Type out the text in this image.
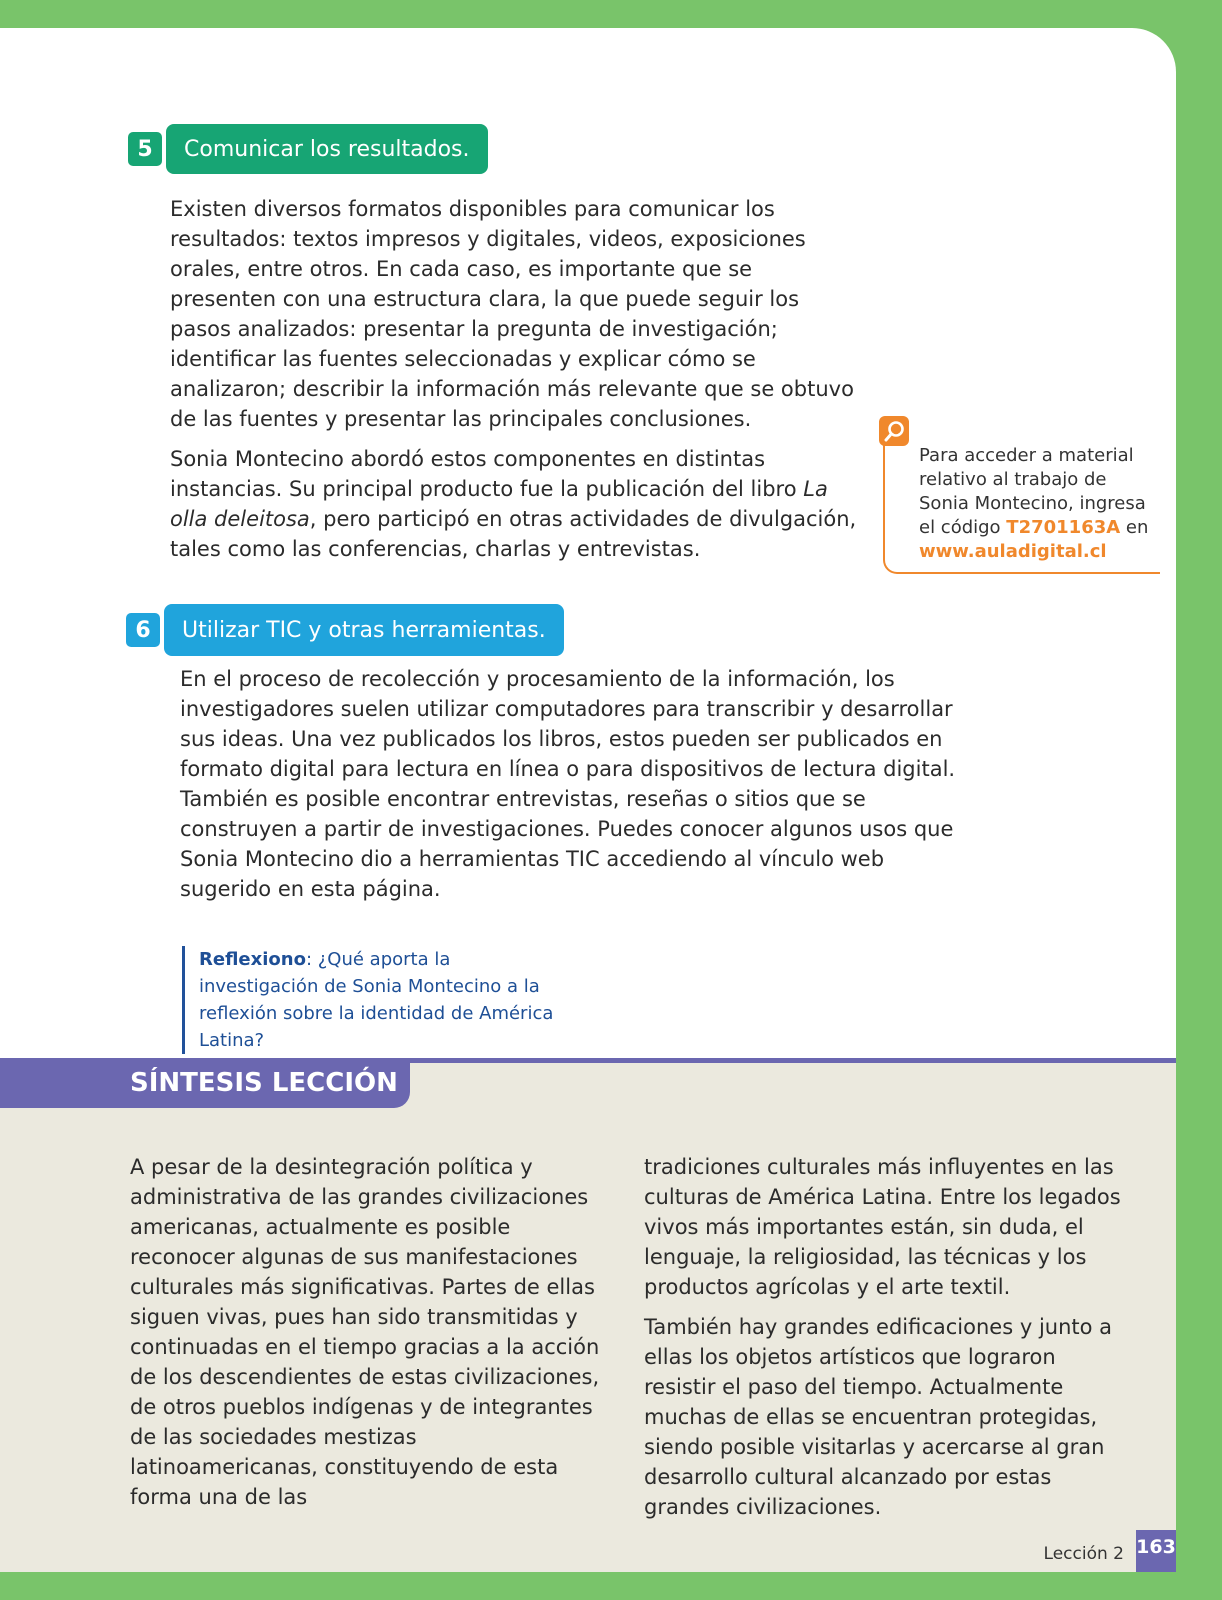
5	Comunicar los resultados.

Existen diversos formatos disponibles para comunicar los resultados: textos impresos y digitales, videos, exposiciones orales, entre otros. En cada caso, es importante que se presenten con una estructura clara, la que puede seguir los pasos analizados: presentar la pregunta de investigación; identificar las fuentes seleccionadas y explicar cómo se analizaron; describir la información más relevante que se obtuvo de las fuentes y presentar las principales conclusiones.

Sonia Montecino abordó estos componentes en distintas instancias. Su principal producto fue la publicación del libro La olla deleitosa, pero participó en otras actividades de divulgación, tales como las conferencias, charlas y entrevistas.

Para acceder a material relativo al trabajo de Sonia Montecino, ingresa el código T2701163A en www.auladigital.cl
6	Utilizar TIC y otras herramientas.

En el proceso de recolección y procesamiento de la información, los investigadores suelen utilizar computadores para transcribir y desarrollar sus ideas. Una vez publicados los libros, estos pueden ser publicados en formato digital para lectura en línea o para dispositivos de lectura digital. También es posible encontrar entrevistas, reseñas o sitios que se construyen a partir de investigaciones. Puedes conocer algunos usos que Sonia Montecino dio a herramientas TIC accediendo al vínculo web sugerido en esta página.

Reflexiono: ¿Qué aporta la investigación de Sonia Montecino a la reflexión sobre la identidad de América Latina?
SÍNTESIS LECCIÓN

A pesar de la desintegración política y administrativa de las grandes civilizaciones americanas, actualmente es posible reconocer algunas de sus manifestaciones culturales más significativas. Partes de ellas siguen vivas, pues han sido transmitidas y continuadas en el tiempo gracias a la acción de los descendientes de estas civilizaciones, de otros pueblos indígenas y de integrantes de las sociedades mestizas latinoamericanas, constituyendo de esta forma una de las

tradiciones culturales más influyentes en las culturas de América Latina. Entre los legados vivos más importantes están, sin duda, el lenguaje, la religiosidad, las técnicas y los productos agrícolas y el arte textil.

También hay grandes edificaciones y junto a ellas los objetos artísticos que lograron resistir el paso del tiempo. Actualmente muchas de ellas se encuentran protegidas, siendo posible visitarlas y acercarse al gran desarrollo cultural alcanzado por estas grandes civilizaciones.

Lección 2 163
